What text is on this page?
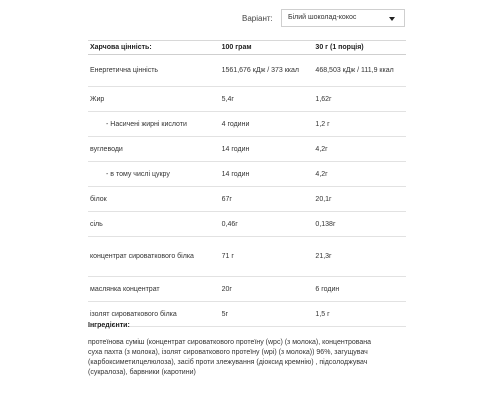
Варіант: Білий шоколад-кокос
Харчова цінність:	100 грам	30 г (1 порція)
Енергетична цінність	1561,676 кДж / 373 ккал	468,503 кДж / 111,9 ккал
Жир	5,4г	1,62г
- Насичені жирні кислоти	4 години	1,2 г
вуглеводи	14 годин	4,2г
- в тому числі цукру	14 годин	4,2г
білок	67г	20,1г
сіль	0,46г	0,138г
концентрат сироваткового білка	71 г	21,3г
маслянка концентрат	20г	6 годин
ізолят сироваткового білка	5г	1,5 г
Інгредієнти:
протеїнова суміш (концентрат сироваткового протеїну (wpc) (з молока), концентрована
суха пахта (з молока), ізолят сироваткового протеїну (wpi) (з молока)) 96%, загущувач
(карбоксиметилцелюлоза), засіб проти злежування (діоксид кремнію) , підсолоджувач
(сукралоза), барвники (каротини)
